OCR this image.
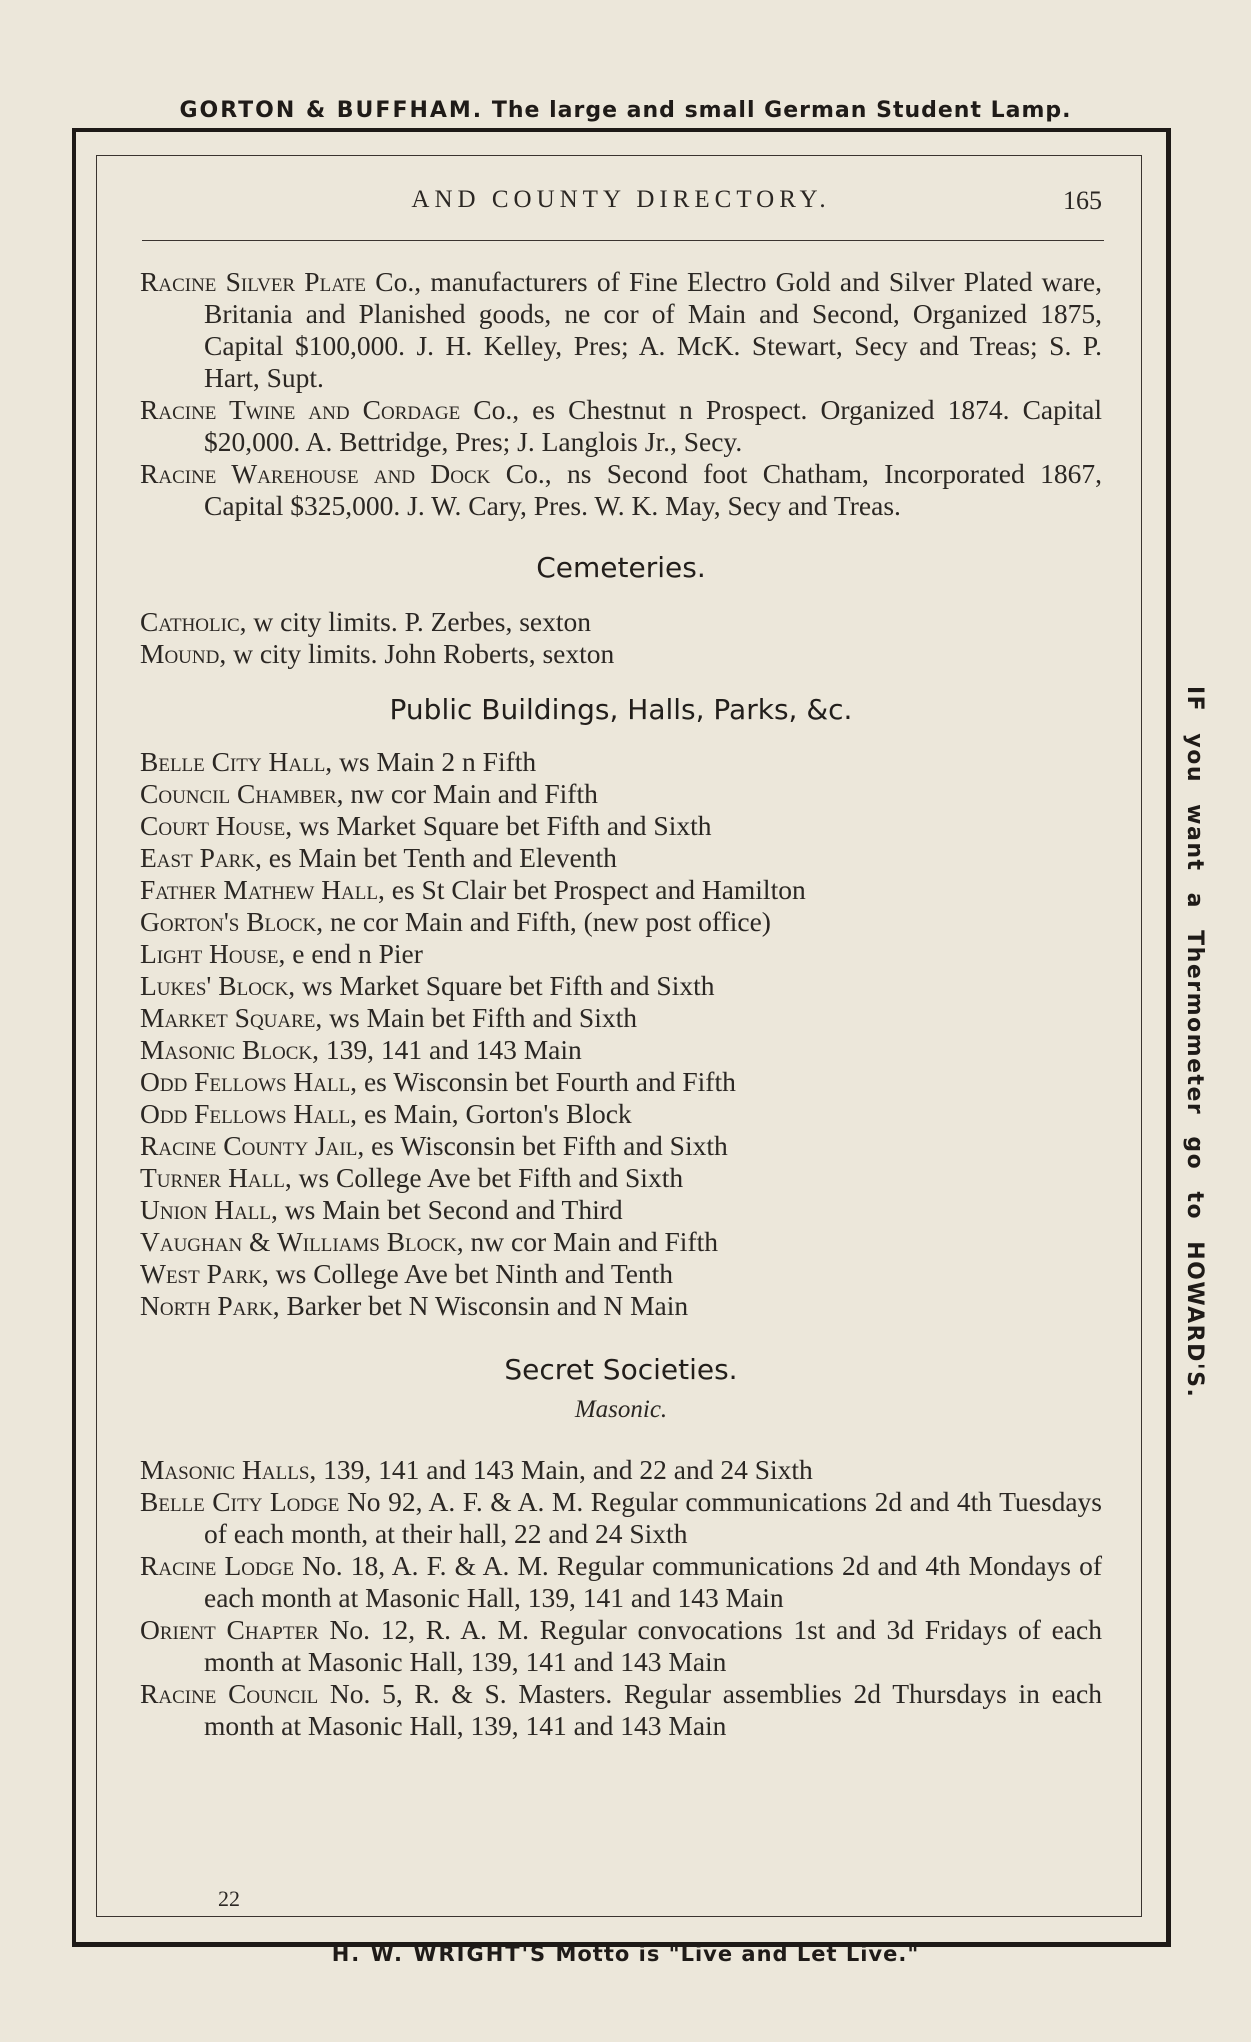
GORTON & BUFFHAM. The large and small German Student Lamp.
IF you want a Thermometer go to HOWARD'S.
AND COUNTY DIRECTORY.	165

Racine Silver Plate Co., manufacturers of Fine Electro Gold and Silver Plated ware, Britania and Planished goods, ne cor of Main and Second, Organized 1875, Capital $100,000. J. H. Kelley, Pres; A. McK. Stewart, Secy and Treas; S. P. Hart, Supt.

Racine Twine and Cordage Co., es Chestnut n Prospect. Organized 1874. Capital $20,000. A. Bettridge, Pres; J. Langlois Jr., Secy.

Racine Warehouse and Dock Co., ns Second foot Chatham, Incorporated 1867, Capital $325,000. J. W. Cary, Pres. W. K. May, Secy and Treas.

Cemeteries.

Catholic, w city limits. P. Zerbes, sexton

Mound, w city limits. John Roberts, sexton

Public Buildings, Halls, Parks, &c.

Belle City Hall, ws Main 2 n Fifth

Council Chamber, nw cor Main and Fifth

Court House, ws Market Square bet Fifth and Sixth

East Park, es Main bet Tenth and Eleventh

Father Mathew Hall, es St Clair bet Prospect and Hamilton

Gorton's Block, ne cor Main and Fifth, (new post office)

Light House, e end n Pier

Lukes' Block, ws Market Square bet Fifth and Sixth

Market Square, ws Main bet Fifth and Sixth

Masonic Block, 139, 141 and 143 Main

Odd Fellows Hall, es Wisconsin bet Fourth and Fifth

Odd Fellows Hall, es Main, Gorton's Block

Racine County Jail, es Wisconsin bet Fifth and Sixth

Turner Hall, ws College Ave bet Fifth and Sixth

Union Hall, ws Main bet Second and Third

Vaughan & Williams Block, nw cor Main and Fifth

West Park, ws College Ave bet Ninth and Tenth

North Park, Barker bet N Wisconsin and N Main

Secret Societies.
Masonic.

Masonic Halls, 139, 141 and 143 Main, and 22 and 24 Sixth

Belle City Lodge No 92, A. F. & A. M. Regular communications 2d and 4th Tuesdays of each month, at their hall, 22 and 24 Sixth

Racine Lodge No. 18, A. F. & A. M. Regular communications 2d and 4th Mondays of each month at Masonic Hall, 139, 141 and 143 Main

Orient Chapter No. 12, R. A. M. Regular convocations 1st and 3d Fridays of each month at Masonic Hall, 139, 141 and 143 Main

Racine Council No. 5, R. & S. Masters. Regular assemblies 2d Thursdays in each month at Masonic Hall, 139, 141 and 143 Main

22
H. W. WRIGHT'S Motto is "Live and Let Live."
